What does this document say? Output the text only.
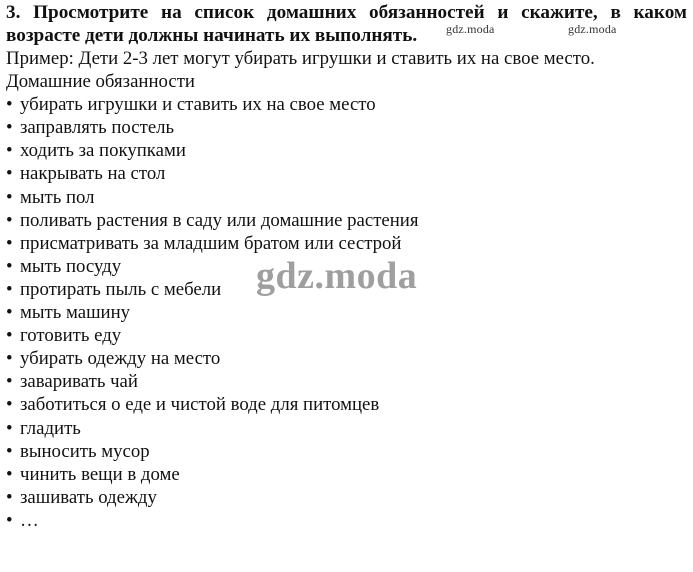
3. Просмотрите на список домашних обязанностей и скажите, в каком возрасте дети должны начинать их выполнять.

Пример: Дети 2-3 лет могут убирать игрушки и ставить их на свое место.

Домашние обязанности

• убирать игрушки и ставить их на свое место
• заправлять постель
• ходить за покупками
• накрывать на стол
• мыть пол
• поливать растения в саду или домашние растения
• присматривать за младшим братом или сестрой
• мыть посуду
• протирать пыль с мебели
• мыть машину
• готовить еду
• убирать одежду на место
• заваривать чай
• заботиться о еде и чистой воде для питомцев
• гладить
• выносить мусор
• чинить вещи в доме
• зашивать одежду
• …
gdz.moda	gdz.moda
gdz.moda
